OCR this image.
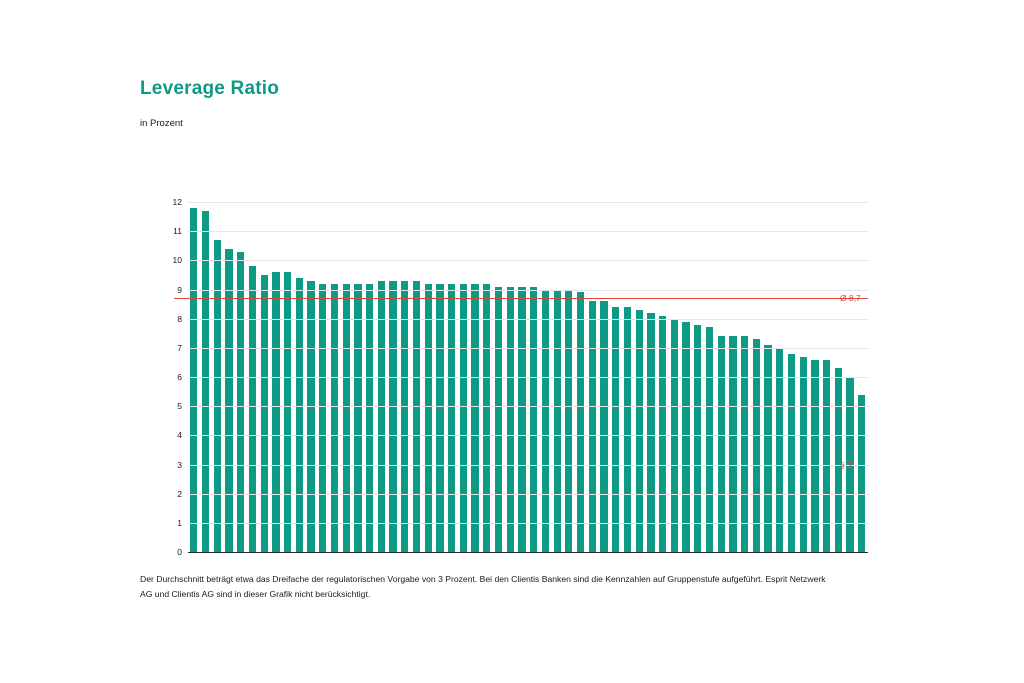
Leverage Ratio
in Prozent
0
1
2
3
4
5
6
7
8
9
10
11
12
Ø 8,7
§ 3
Der Durchschnitt beträgt etwa das Dreifache der regulatorischen Vorgabe von 3 Prozent. Bei den Clientis Banken sind die Kennzahlen auf Gruppenstufe aufgeführt. Esprit Netzwerk AG und Clientis AG sind in dieser Grafik nicht berücksichtigt.
